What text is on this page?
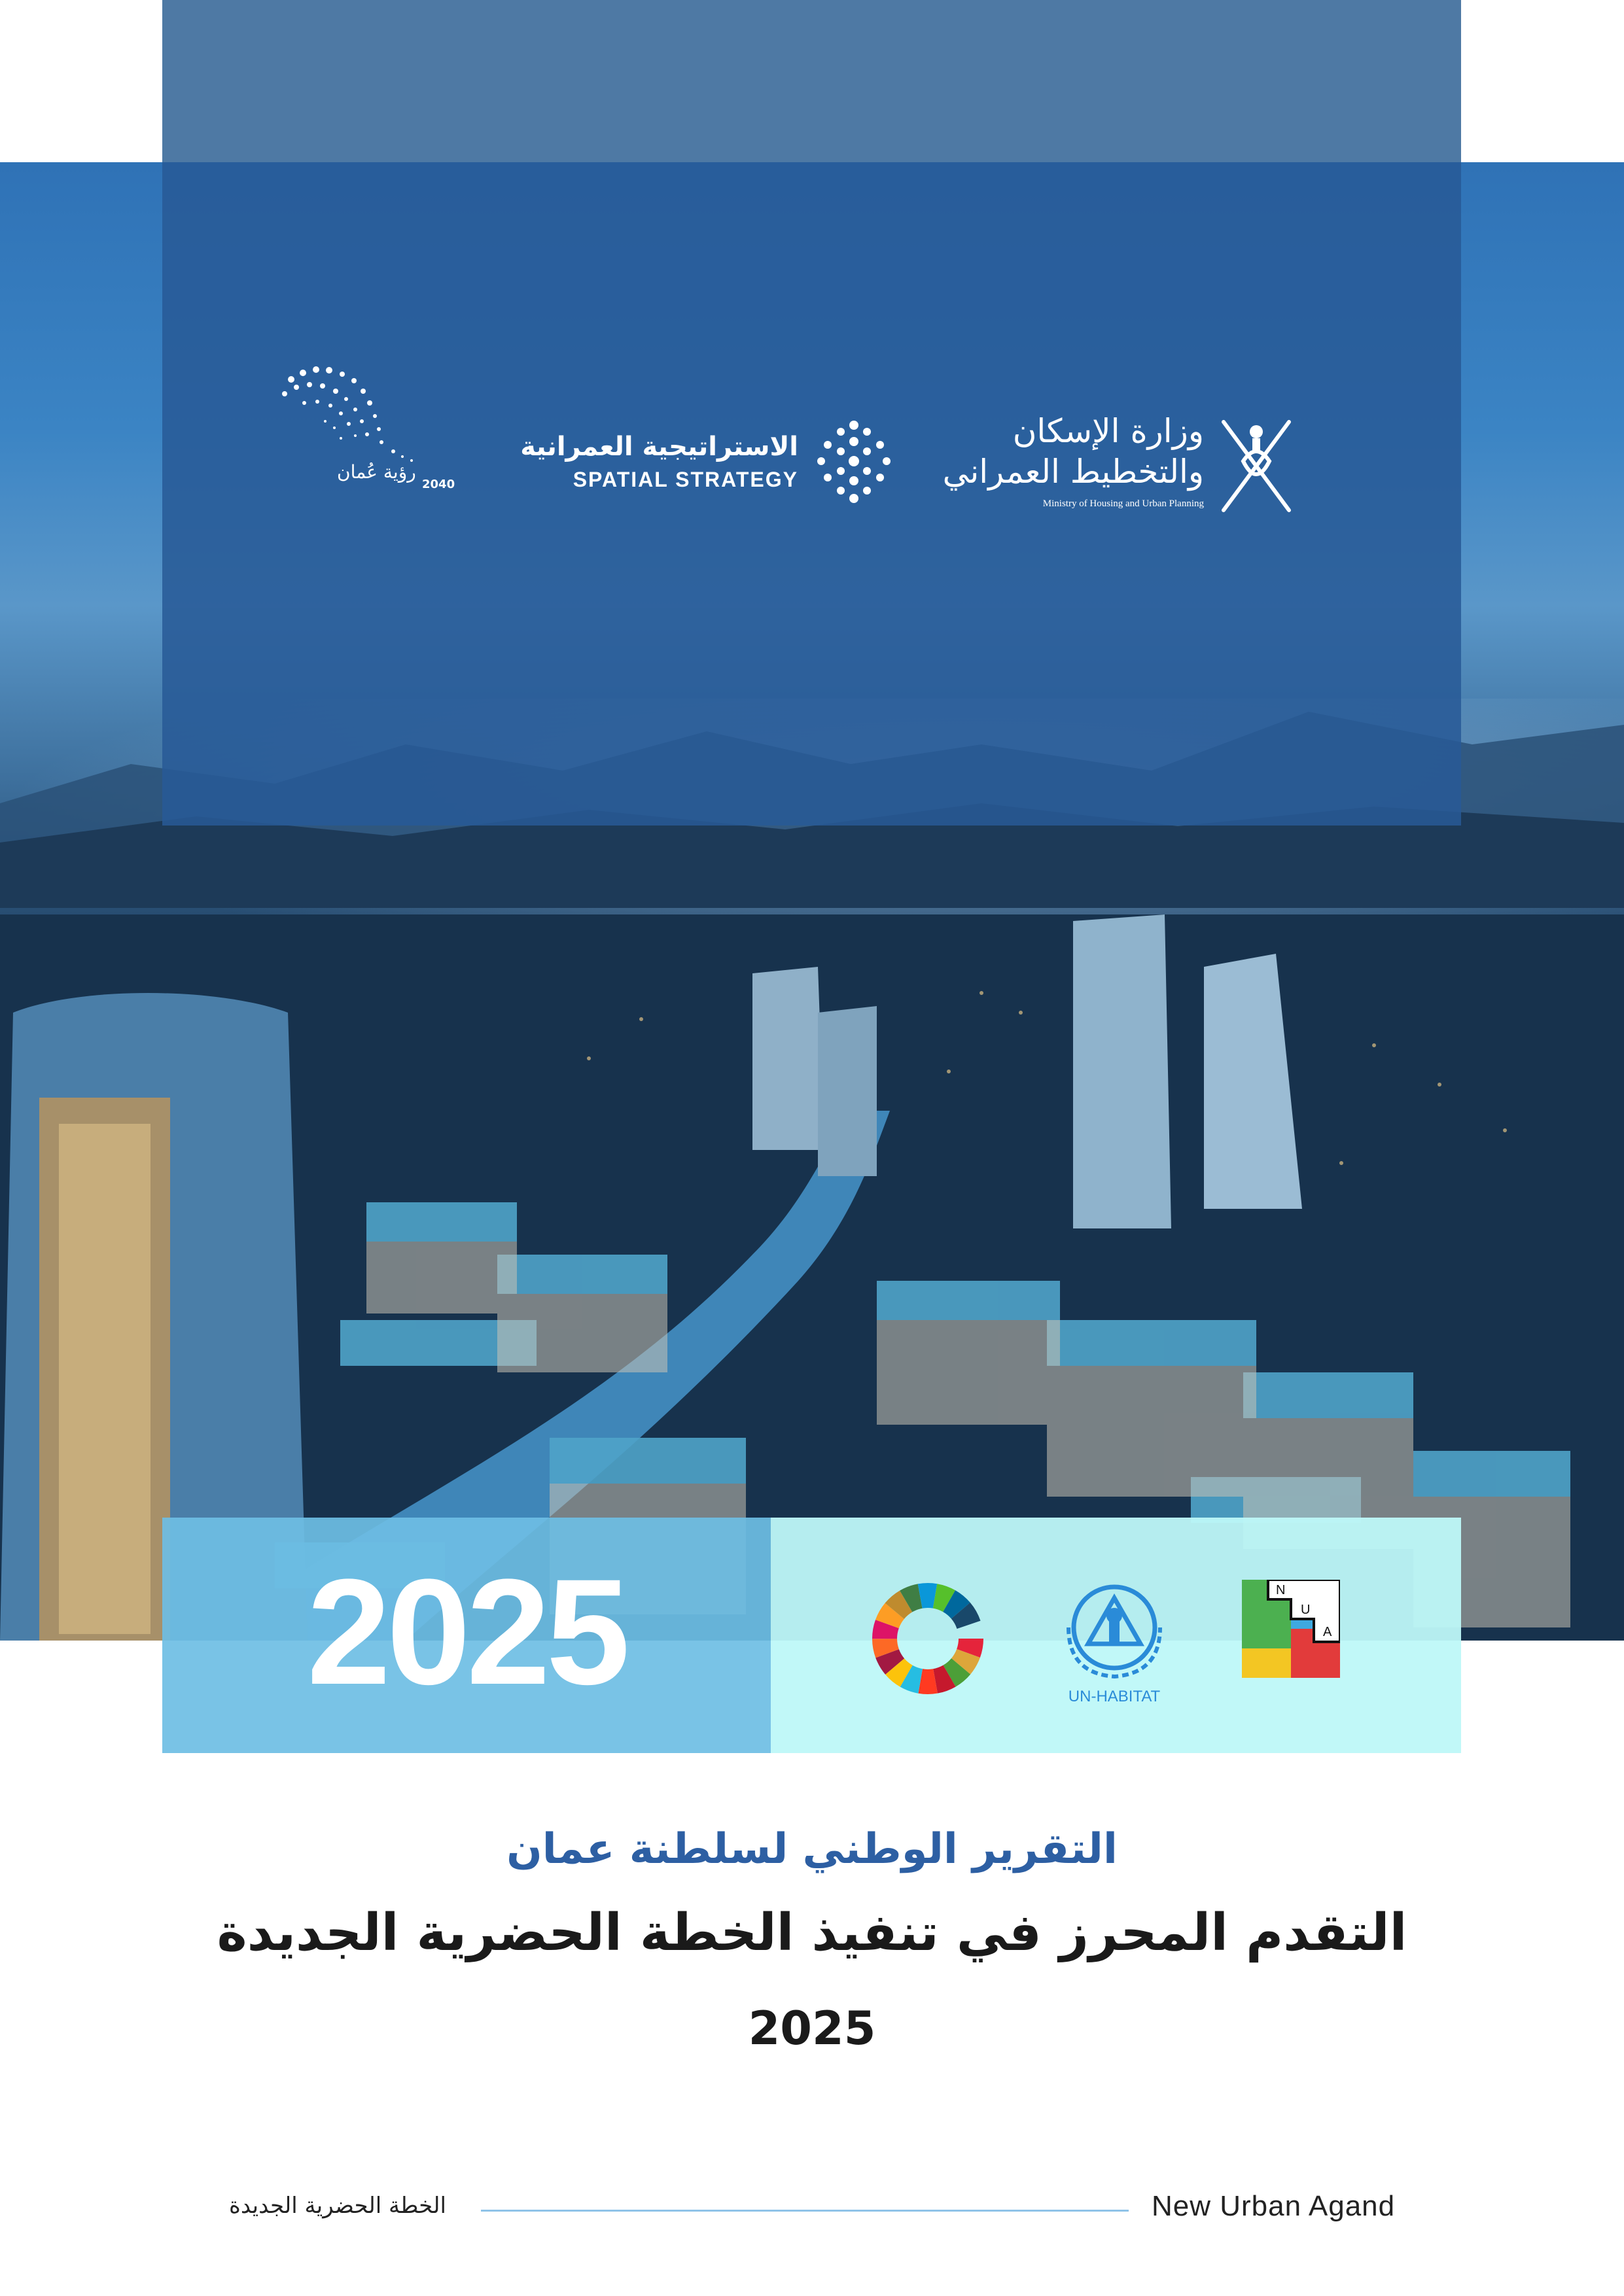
رؤية عُمان
2040
الاستراتيجية العمرانية
SPATIAL STRATEGY
وزارة الإسكان
والتخطيط العمراني
Ministry of Housing and Urban Planning
2025	UN-HABITAT
N
U
A
التقرير الوطني لسلطنة عمان
التقدم المحرز في تنفيذ الخطة الحضرية الجديدة
2025
الخطة الحضرية الجديدة	New Urban Agand
